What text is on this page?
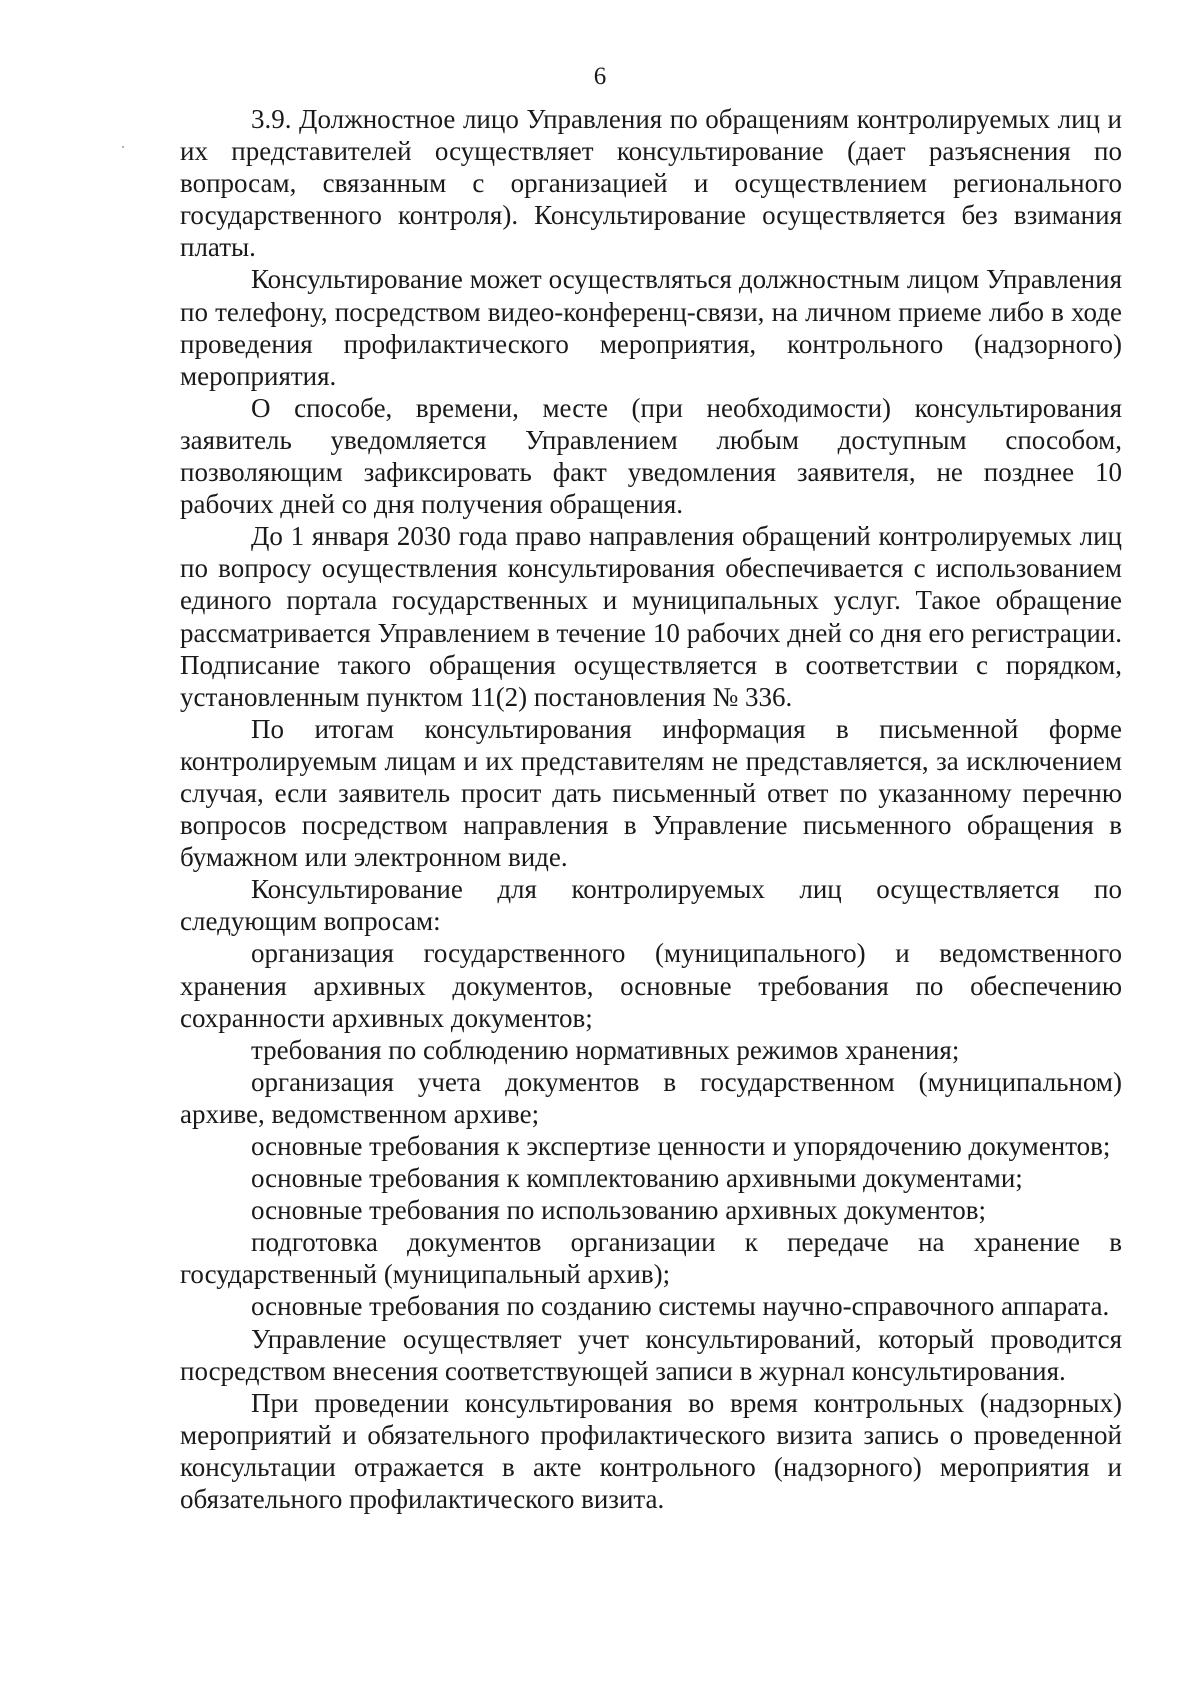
6

3.9. Должностное лицо Управления по обращениям контролируемых лиц и их представителей осуществляет консультирование (дает разъяснения по вопросам, связанным с организацией и осуществлением регионального государственного контроля). Консультирование осуществляется без взимания платы.

Консультирование может осуществляться должностным лицом Управления по телефону, посредством видео-конференц-связи, на личном приеме либо в ходе проведения профилактического мероприятия, контрольного (надзорного) мероприятия.

О способе, времени, месте (при необходимости) консультирования заявитель уведомляется Управлением любым доступным способом, позволяющим зафиксировать факт уведомления заявителя, не позднее 10 рабочих дней со дня получения обращения.

До 1 января 2030 года право направления обращений контролируемых лиц по вопросу осуществления консультирования обеспечивается с использованием единого портала государственных и муниципальных услуг. Такое обращение рассматривается Управлением в течение 10 рабочих дней со дня его регистрации. Подписание такого обращения осуществляется в соответствии с порядком, установленным пунктом 11(2) постановления № 336.

По итогам консультирования информация в письменной форме контролируемым лицам и их представителям не представляется, за исключением случая, если заявитель просит дать письменный ответ по указанному перечню вопросов посредством направления в Управление письменного обращения в бумажном или электронном виде.

Консультирование для контролируемых лиц осуществляется по следующим вопросам:

организация государственного (муниципального) и ведомственного хранения архивных документов, основные требования по обеспечению сохранности архивных документов;
требования по соблюдению нормативных режимов хранения;
организация учета документов в государственном (муниципальном) архиве, ведомственном архиве;
основные требования к экспертизе ценности и упорядочению документов;
основные требования к комплектованию архивными документами;
основные требования по использованию архивных документов;
подготовка документов организации к передаче на хранение в государственный (муниципальный архив);
основные требования по созданию системы научно-справочного аппарата.

Управление осуществляет учет консультирований, который проводится посредством внесения соответствующей записи в журнал консультирования.

При проведении консультирования во время контрольных (надзорных) мероприятий и обязательного профилактического визита запись о проведенной консультации отражается в акте контрольного (надзорного) мероприятия и обязательного профилактического визита.
